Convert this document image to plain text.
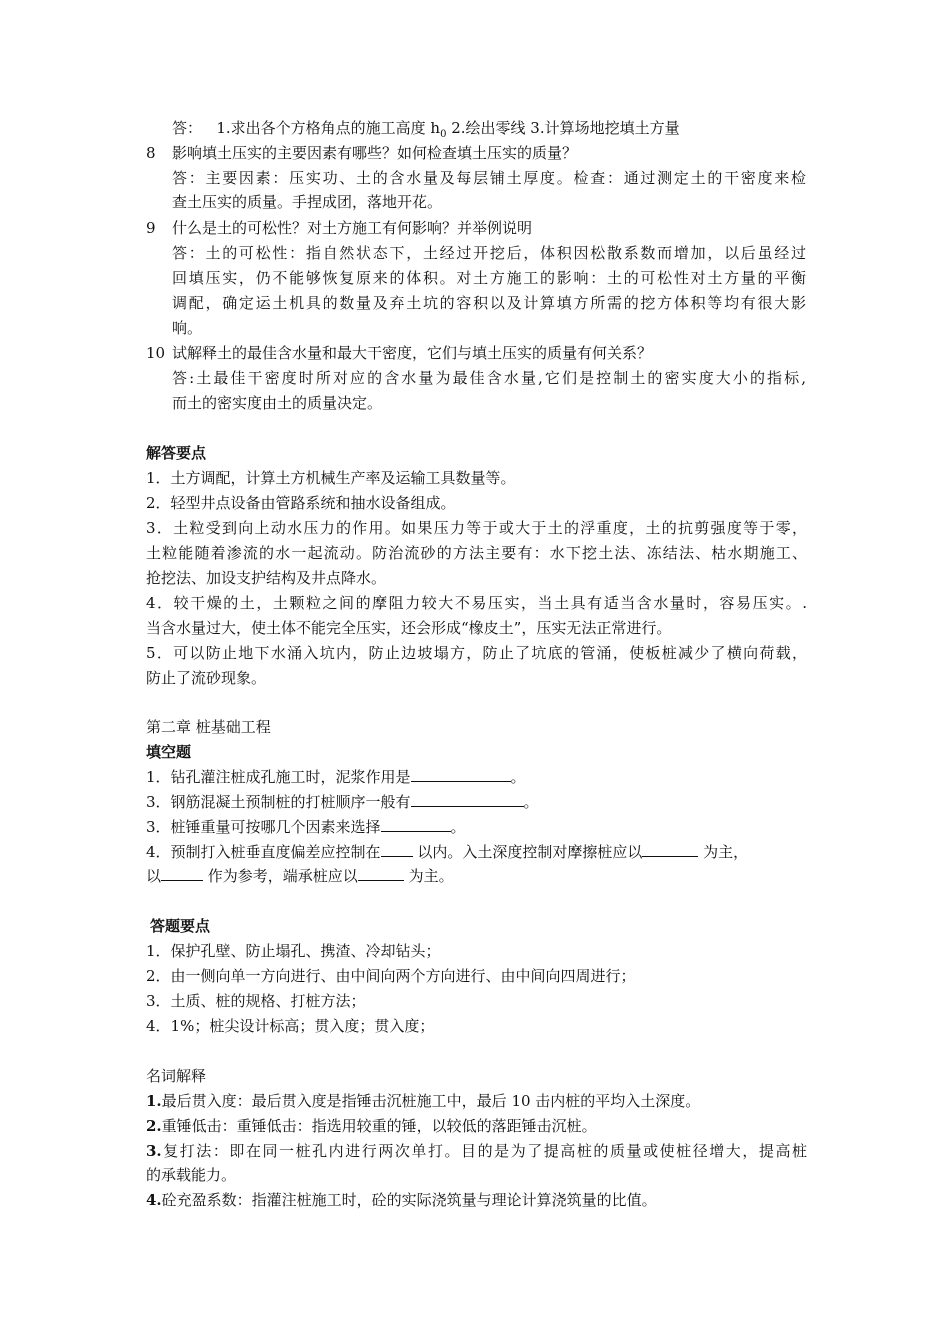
答： 1.求出各个方格角点的施工高度 $h_0$ 2.绘出零线 3.计算场地挖填土方量
8 影响填土压实的主要因素有哪些？如何检查填土压实的质量？
答：主要因素：压实功、土的含水量及每层铺土厚度。检查：通过测定土的干密度来检
查土压实的质量。手捏成团，落地开花。
9 什么是土的可松性？对土方施工有何影响？并举例说明
答：土的可松性：指自然状态下，土经过开挖后，体积因松散系数而增加，以后虽经过
回填压实，仍不能够恢复原来的体积。对土方施工的影响：土的可松性对土方量的平衡
调配，确定运土机具的数量及弃土坑的容积以及计算填方所需的挖方体积等均有很大影
响。
10 试解释土的最佳含水量和最大干密度，它们与填土压实的质量有何关系？
答:土最佳干密度时所对应的含水量为最佳含水量,它们是控制土的密实度大小的指标,
而土的密实度由土的质量决定。
解答要点
1．土方调配，计算土方机械生产率及运输工具数量等。
2．轻型井点设备由管路系统和抽水设备组成。
3．土粒受到向上动水压力的作用。如果压力等于或大于土的浮重度，土的抗剪强度等于零，
土粒能随着渗流的水一起流动。防治流砂的方法主要有：水下挖土法、冻结法、枯水期施工、
抢挖法、加设支护结构及井点降水。
4．较干燥的土，土颗粒之间的摩阻力较大不易压实，当土具有适当含水量时，容易压实。.
当含水量过大，使土体不能完全压实，还会形成“橡皮土”，压实无法正常进行。
5．可以防止地下水涌入坑内，防止边坡塌方，防止了坑底的管涌，使板桩减少了横向荷载，
防止了流砂现象。
第二章 桩基础工程
填空题
1．钻孔灌注桩成孔施工时，泥浆作用是	。
3．钢筋混凝土预制桩的打桩顺序一般有	。
3．桩锤重量可按哪几个因素来选择	。
4．预制打入桩垂直度偏差应控制在 以内。入土深度控制对摩擦桩应以	为主，
以	作为参考，端承桩应以	为主。
答题要点
1．保护孔壁、防止塌孔、携渣、冷却钻头；
2．由一侧向单一方向进行、由中间向两个方向进行、由中间向四周进行；
3．土质、桩的规格、打桩方法；
4．1%；桩尖设计标高；贯入度；贯入度；
名词解释
1.最后贯入度：最后贯入度是指锤击沉桩施工中，最后 10 击内桩的平均入土深度。
2.重锤低击：重锤低击：指选用较重的锤，以较低的落距锤击沉桩。
3.复打法：即在同一桩孔内进行两次单打。目的是为了提高桩的质量或使桩径增大，提高桩
的承载能力。
4.砼充盈系数：指灌注桩施工时，砼的实际浇筑量与理论计算浇筑量的比值。
